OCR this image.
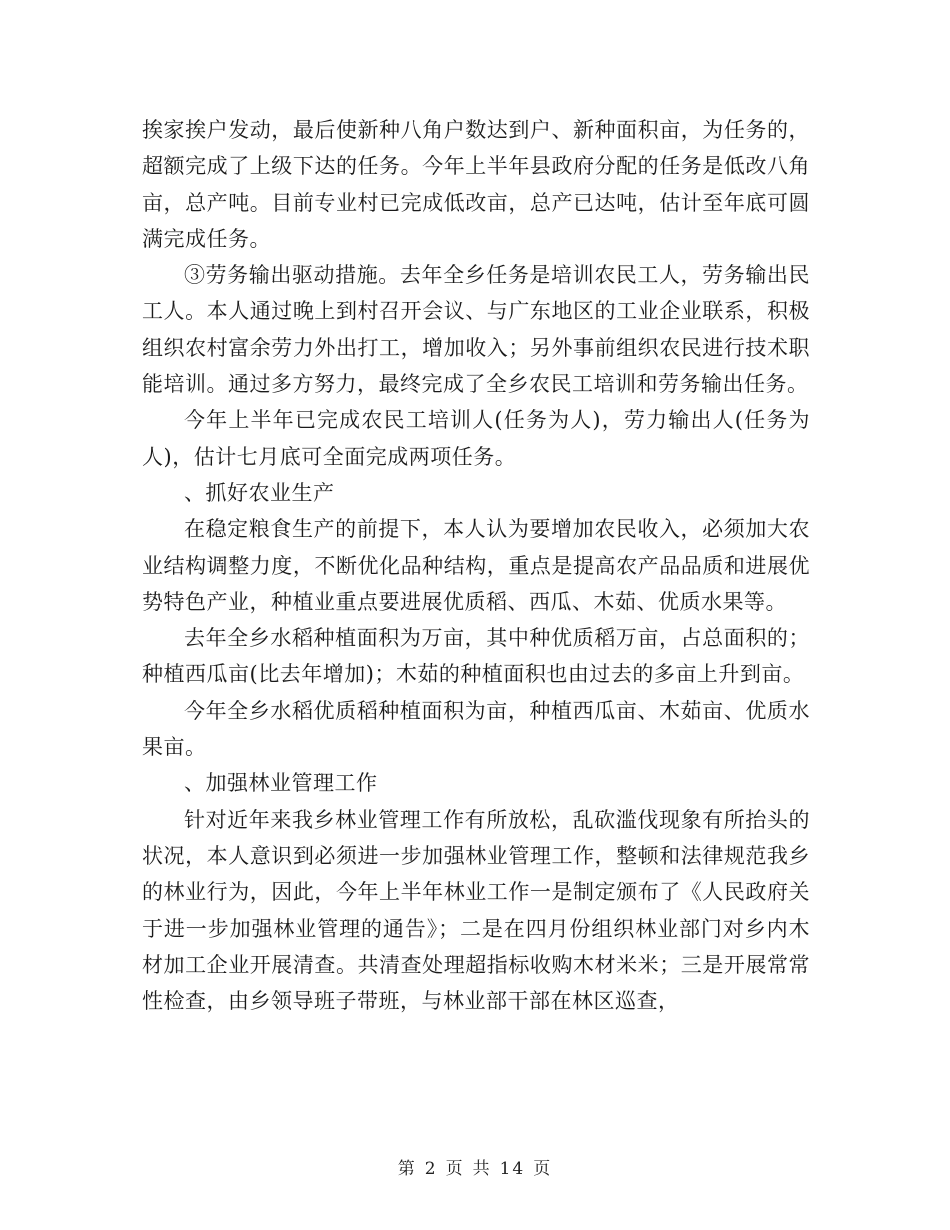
挨家挨户发动，最后使新种八角户数达到户、新种面积亩，为任务的，超额完成了上级下达的任务。今年上半年县政府分配的任务是低改八角亩，总产吨。目前专业村已完成低改亩，总产已达吨，估计至年底可圆满完成任务。

③劳务输出驱动措施。去年全乡任务是培训农民工人，劳务输出民工人。本人通过晚上到村召开会议、与广东地区的工业企业联系，积极组织农村富余劳力外出打工，增加收入；另外事前组织农民进行技术职能培训。通过多方努力，最终完成了全乡农民工培训和劳务输出任务。

今年上半年已完成农民工培训人(任务为人)，劳力输出人(任务为人)，估计七月底可全面完成两项任务。

、抓好农业生产

在稳定粮食生产的前提下，本人认为要增加农民收入，必须加大农业结构调整力度，不断优化品种结构，重点是提高农产品品质和进展优势特色产业，种植业重点要进展优质稻、西瓜、木茹、优质水果等。

去年全乡水稻种植面积为万亩，其中种优质稻万亩，占总面积的；种植西瓜亩(比去年增加)；木茹的种植面积也由过去的多亩上升到亩。

今年全乡水稻优质稻种植面积为亩，种植西瓜亩、木茹亩、优质水果亩。

、加强林业管理工作

针对近年来我乡林业管理工作有所放松，乱砍滥伐现象有所抬头的状况，本人意识到必须进一步加强林业管理工作，整顿和法律规范我乡的林业行为，因此，今年上半年林业工作一是制定颁布了《人民政府关于进一步加强林业管理的通告》；二是在四月份组织林业部门对乡内木材加工企业开展清查。共清查处理超指标收购木材米米；三是开展常常性检查，由乡领导班子带班，与林业部干部在林区巡查，

第 2 页 共 14 页
